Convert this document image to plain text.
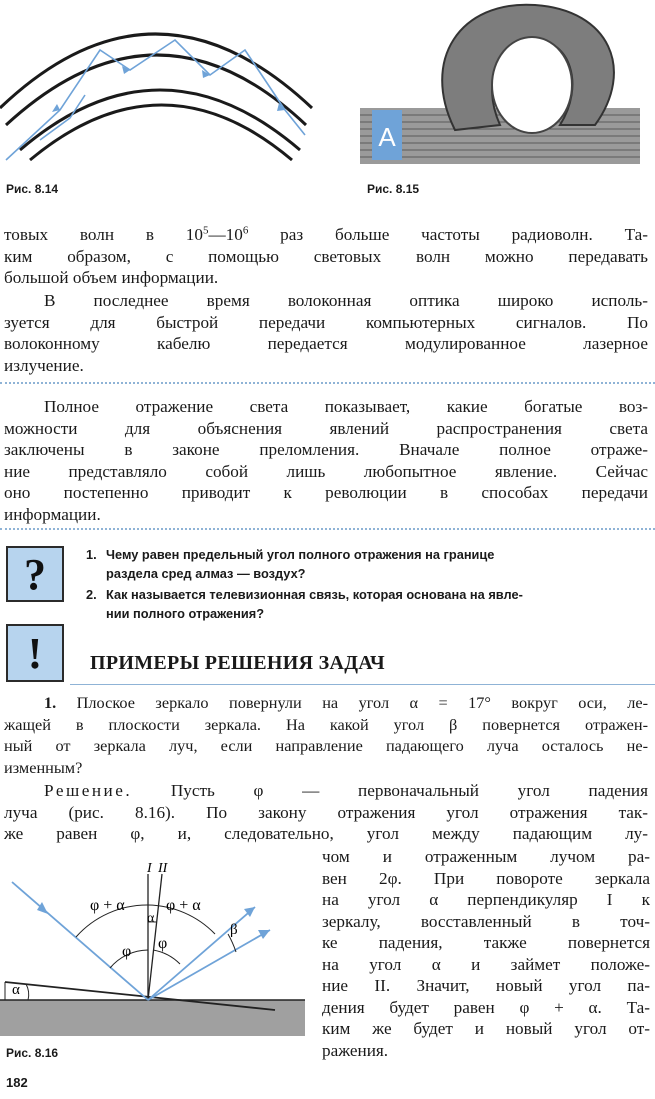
Рис. 8.14
A
Рис. 8.15
товых волн в $10^5—10^6$ раз больше частоты радиоволн. Та-
ким образом, с помощью световых волн можно передавать
большой объем информации.
В последнее время волоконная оптика широко исполь-
зуется для быстрой передачи компьютерных сигналов. По
волоконному кабелю передается модулированное лазерное
излучение.
Полное отражение света показывает, какие богатые воз-
можности для объяснения явлений распространения света
заключены в законе преломления. Вначале полное отраже-
ние представляло собой лишь любопытное явление. Сейчас
оно постепенно приводит к революции в способах передачи
информации.
?	1. Чему равен предельный угол полного отражения на границе
раздела сред алмаз — воздух?
2. Как называется телевизионная связь, которая основана на явле-
нии полного отражения?
!	ПРИМЕРЫ РЕШЕНИЯ ЗАДАЧ
1. Плоское зеркало повернули на угол α = 17° вокруг оси, ле-
жащей в плоскости зеркала. На какой угол β повернется отражен-
ный от зеркала луч, если направление падающего луча осталось не-
изменным?
Решение. Пусть φ — первоначальный угол падения
луча (рис. 8.16). По закону отражения угол отражения так-
же равен φ, и, следовательно, угол между падающим лу-
чом и отраженным лучом ра-
вен 2φ. При повороте зеркала
на угол α перпендикуляр I к
зеркалу, восставленный в точ-
ке падения, также повернется
на угол α и займет положе-
ние II. Значит, новый угол па-
дения будет равен φ + α. Та-
ким же будет и новый угол от-
ражения.
I II
φ + α	φ + α
α
φ φ
β
α
Рис. 8.16
182
